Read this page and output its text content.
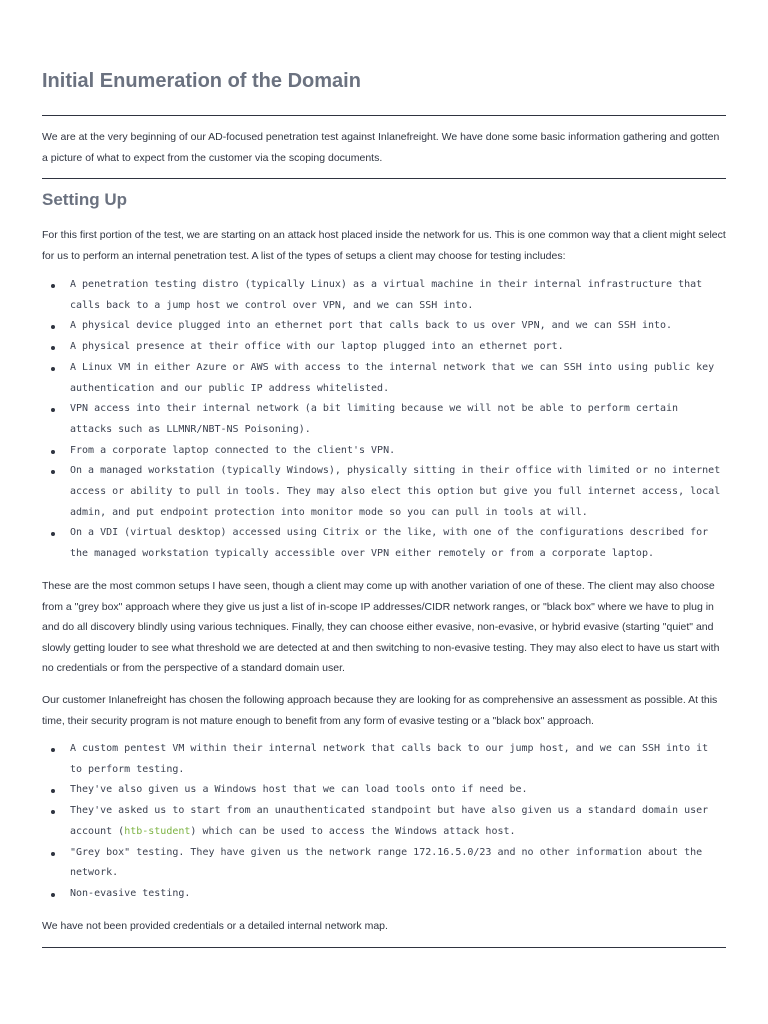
Initial Enumeration of the Domain

We are at the very beginning of our AD-focused penetration test against Inlanefreight. We have done some basic information gathering and gotten a picture of what to expect from the customer via the scoping documents.

Setting Up

For this first portion of the test, we are starting on an attack host placed inside the network for us. This is one common way that a client might select for us to perform an internal penetration test. A list of the types of setups a client may choose for testing includes:

A penetration testing distro (typically Linux) as a virtual machine in their internal infrastructure that calls back to a jump host we control over VPN, and we can SSH into.
A physical device plugged into an ethernet port that calls back to us over VPN, and we can SSH into.
A physical presence at their office with our laptop plugged into an ethernet port.
A Linux VM in either Azure or AWS with access to the internal network that we can SSH into using public key authentication and our public IP address whitelisted.
VPN access into their internal network (a bit limiting because we will not be able to perform certain attacks such as LLMNR/NBT-NS Poisoning).
From a corporate laptop connected to the client's VPN.
On a managed workstation (typically Windows), physically sitting in their office with limited or no internet access or ability to pull in tools. They may also elect this option but give you full internet access, local admin, and put endpoint protection into monitor mode so you can pull in tools at will.
On a VDI (virtual desktop) accessed using Citrix or the like, with one of the configurations described for the managed workstation typically accessible over VPN either remotely or from a corporate laptop.

These are the most common setups I have seen, though a client may come up with another variation of one of these. The client may also choose from a "grey box" approach where they give us just a list of in-scope IP addresses/CIDR network ranges, or "black box" where we have to plug in and do all discovery blindly using various techniques. Finally, they can choose either evasive, non-evasive, or hybrid evasive (starting "quiet" and slowly getting louder to see what threshold we are detected at and then switching to non-evasive testing. They may also elect to have us start with no credentials or from the perspective of a standard domain user.

Our customer Inlanefreight has chosen the following approach because they are looking for as comprehensive an assessment as possible. At this time, their security program is not mature enough to benefit from any form of evasive testing or a "black box" approach.

A custom pentest VM within their internal network that calls back to our jump host, and we can SSH into it to perform testing.
They've also given us a Windows host that we can load tools onto if need be.
They've asked us to start from an unauthenticated standpoint but have also given us a standard domain user account (htb-student) which can be used to access the Windows attack host.
"Grey box" testing. They have given us the network range 172.16.5.0/23 and no other information about the network.
Non-evasive testing.

We have not been provided credentials or a detailed internal network map.
